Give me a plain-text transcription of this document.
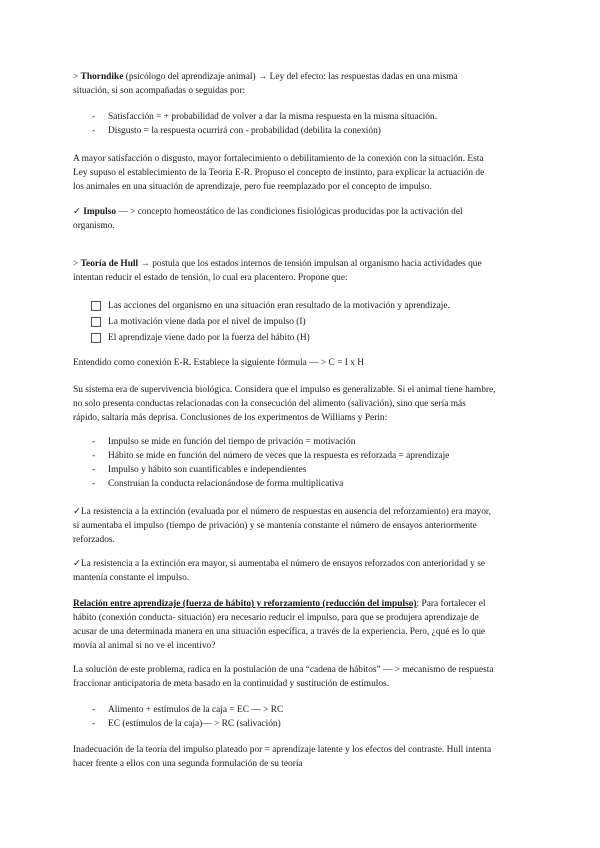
> Thorndike (psicólogo del aprendizaje animal) → Ley del efecto: las respuestas dadas en una misma
situación, si son acompañadas o seguidas por:
- Satisfacción = + probabilidad de volver a dar la misma respuesta en la misma situación.
- Disgusto = la respuesta ocurrirá con - probabilidad (debilita la conexión)
A mayor satisfacción o disgusto, mayor fortalecimiento o debilitamiento de la conexión con la situación. Esta
Ley supuso el establecimiento de la Teoría E-R. Propuso el concepto de instinto, para explicar la actuación de
los animales en una situación de aprendizaje, pero fue reemplazado por el concepto de impulso.
✓ Impulso — > concepto homeostático de las condiciones fisiológicas producidas por la activación del
organismo.
> Teoría de Hull → postula que los estados internos de tensión impulsan al organismo hacia actividades que
intentan reducir el estado de tensión, lo cual era placentero. Propone que:
Las acciones del organismo en una situación eran resultado de la motivación y aprendizaje.
La motivación viene dada por el nivel de impulso (I)
El aprendizaje viene dado por la fuerza del hábito (H)
Entendido como conexión E-R. Establece la siguiente fórmula — > C = I x H
Su sistema era de supervivencia biológica. Considera que el impulso es generalizable. Si el animal tiene hambre,
no solo presenta conductas relacionadas con la consecución del alimento (salivación), sino que sería más
rápido, saltaría más deprisa. Conclusiones de los experimentos de Williams y Perin:
- Impulso se mide en función del tiempo de privación = motivación
- Hábito se mide en función del número de veces que la respuesta es reforzada = aprendizaje
- Impulso y hábito son cuantificables e independientes
- Construían la conducta relacionándose de forma multiplicativa
✓La resistencia a la extinción (evaluada por el número de respuestas en ausencia del reforzamiento) era mayor,
si aumentaba el impulso (tiempo de privación) y se mantenía constante el número de ensayos anteriormente
reforzados.
✓La resistencia a la extinción era mayor, si aumentaba el número de ensayos reforzados con anterioridad y se
mantenía constante el impulso.
Relación entre aprendizaje (fuerza de hábito) y reforzamiento (reducción del impulso): Para fortalecer el
hábito (conexión conducta- situación) era necesario reducir el impulso, para que se produjera aprendizaje de
acusar de una determinada manera en una situación específica, a través de la experiencia. Pero, ¿qué es lo que
movía al animal si no ve el incentivo?
La solución de este problema, radica en la postulación de una “cadena de hábitos” — > mecanismo de respuesta
fraccionar anticipatoria de meta basado en la continuidad y sustitución de estímulos.
- Alimento + estímulos de la caja = EC — > RC
- EC (estímulos de la caja)— > RC (salivación)
Inadecuación de la teoría del impulso plateado por = aprendizaje latente y los efectos del contraste. Hull intenta
hacer frente a ellos con una segunda formulación de su teoría
